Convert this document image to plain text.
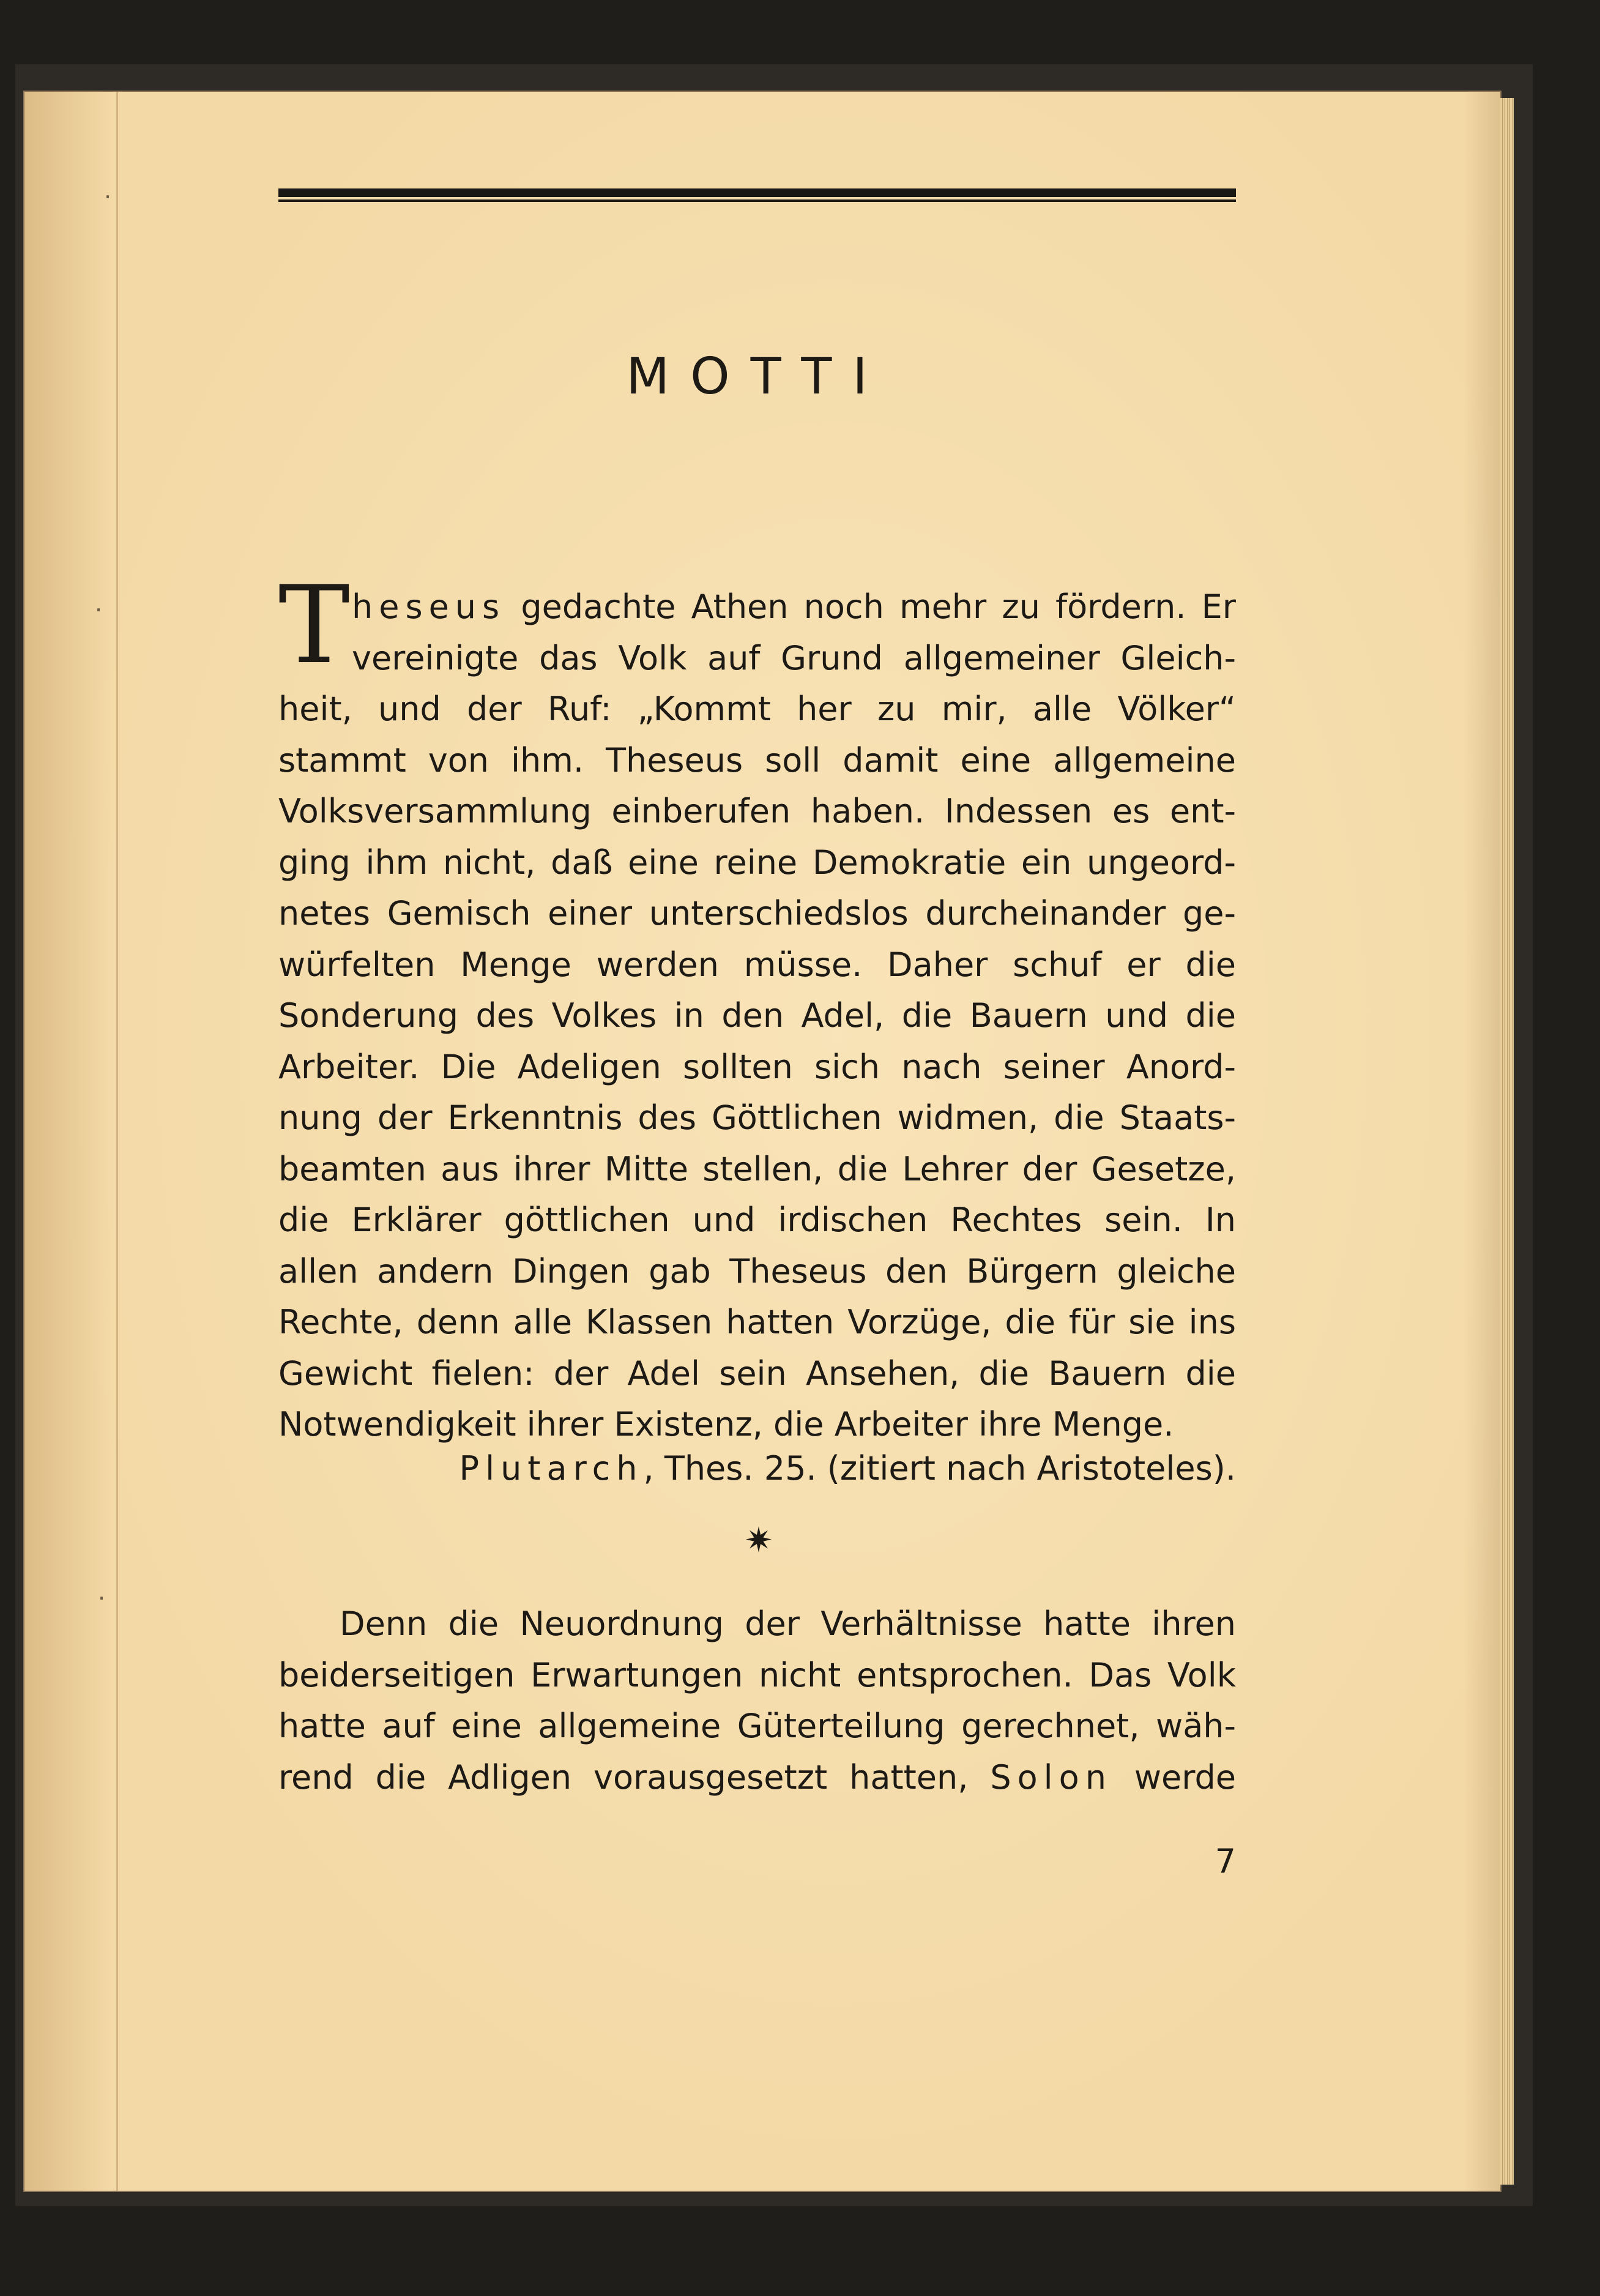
MOTTI
T heseus gedachte Athen noch mehr zu fördern. Er
vereinigte das Volk auf Grund allgemeiner Gleich-
heit, und der Ruf: „Kommt her zu mir, alle Völker“
stammt von ihm. Theseus soll damit eine allgemeine
Volksversammlung einberufen haben. Indessen es ent-
ging ihm nicht, daß eine reine Demokratie ein ungeord-
netes Gemisch einer unterschiedslos durcheinander ge-
würfelten Menge werden müsse. Daher schuf er die
Sonderung des Volkes in den Adel, die Bauern und die
Arbeiter. Die Adeligen sollten sich nach seiner Anord-
nung der Erkenntnis des Göttlichen widmen, die Staats-
beamten aus ihrer Mitte stellen, die Lehrer der Gesetze,
die Erklärer göttlichen und irdischen Rechtes sein. In
allen andern Dingen gab Theseus den Bürgern gleiche
Rechte, denn alle Klassen hatten Vorzüge, die für sie ins
Gewicht fielen: der Adel sein Ansehen, die Bauern die
Notwendigkeit ihrer Existenz, die Arbeiter ihre Menge.
Plutarch, Thes. 25. (zitiert nach Aristoteles).
✷
Denn die Neuordnung der Verhältnisse hatte ihren
beiderseitigen Erwartungen nicht entsprochen. Das Volk
hatte auf eine allgemeine Güterteilung gerechnet, wäh-
rend die Adligen vorausgesetzt hatten, Solon werde
7
·
·
·
